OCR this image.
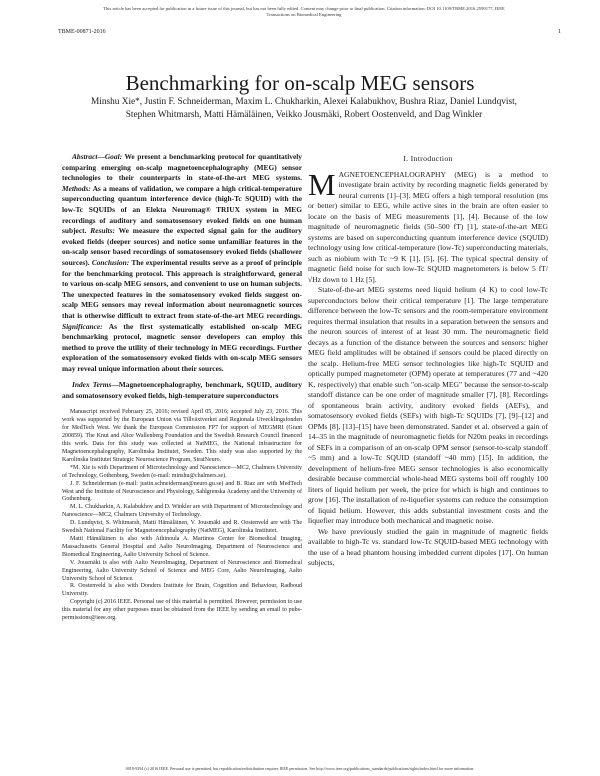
This article has been accepted for publication in a future issue of this journal, but has not been fully edited. Content may change prior to final publication. Citation information: DOI 10.1109/TBME.2016.2599177, IEEE
Transactions on Biomedical Engineering
TBME-00871-2016	1
Benchmarking for on-scalp MEG sensors
Minshu Xie*, Justin F. Schneiderman, Maxim L. Chukharkin, Alexei Kalabukhov, Bushra Riaz, Daniel Lundqvist,
Stephen Whitmarsh, Matti Hämäläinen, Veikko Jousmäki, Robert Oostenveld, and Dag Winkler

Abstract—Goal: We present a benchmarking protocol for quantitatively comparing emerging on-scalp magnetoencephalography (MEG) sensor technologies to their counterparts in state-of-the-art MEG systems. Methods: As a means of validation, we compare a high critical-temperature superconducting quantum interference device (high-Tc SQUID) with the low-Tc SQUIDs of an Elekta Neuromag® TRIUX system in MEG recordings of auditory and somatosensory evoked fields on one human subject. Results: We measure the expected signal gain for the auditory evoked fields (deeper sources) and notice some unfamiliar features in the on-scalp sensor based recordings of somatosensory evoked fields (shallower sources). Conclusion: The experimental results serve as a proof of principle for the benchmarking protocol. This approach is straightforward, general to various on-scalp MEG sensors, and convenient to use on human subjects. The unexpected features in the somatosensory evoked fields suggest on-scalp MEG sensors may reveal information about neuromagnetic sources that is otherwise difficult to extract from state-of-the-art MEG recordings. Significance: As the first systematically established on-scalp MEG benchmarking protocol, magnetic sensor developers can employ this method to prove the utility of their technology in MEG recordings. Further exploration of the somatosensory evoked fields with on-scalp MEG sensors may reveal unique information about their sources.

Index Terms—Magnetoencephalography, benchmark, SQUID, auditory and somatosensory evoked fields, high-temperature superconductors

Manuscript received February 25, 2016; revised April 05, 2016; accepted July 23, 2016. This work was supported by the European Union via Tillväxtverket and Regionala Utvecklingsfonden for MedTech West. We thank the European Commission FP7 for support of MEGMRI (Grant 200859). The Knut and Alice Wallenberg Foundation and the Swedish Research Council financed this work. Data for this study was collected at NatMEG, the National infrastructure for Magnetoencephalography, Karolinska Institutet, Sweden. This study was also supported by the Karolinska Institutet Strategic Neuroscience Program, StratNeuro.

*M. Xie is with Department of Microtechnology and Nanoscience—MC2, Chalmers University of Technology, Gothenburg, Sweden (e-mail: minshu@chalmers.se).

J. F. Schneiderman (e-mail: justin.schneiderman@neuro.gu.se) and B. Riaz are with MedTech West and the Institute of Neuroscience and Physiology, Sahlgrenska Academy and the University of Gothenburg.

M. L. Chukharkin, A. Kalabukhov and D. Winkler are with Department of Microtechnology and Nanoscience—MC2, Chalmers University of Technology.

D. Lundqvist, S. Whitmarsh, Matti Hämäläinen, V. Jousmäki and R. Oostenveld are with The Swedish National Facility for Magnetoencephalography (NatMEG), Karolinska Institutet.

Matti Hämäläinen is also with Athinoula A. Martinos Center for Biomedical Imaging, Massachusetts General Hospital and Aalto NeuroImaging, Department of Neuroscience and Biomedical Engineering, Aalto University School of Science.

V. Jousmäki is also with Aalto NeuroImaging, Department of Neuroscience and Biomedical Engineering, Aalto University School of Science and MEG Core, Aalto NeuroImaging, Aalto University School of Science.

R. Oostenveld is also with Donders Institute for Brain, Cognition and Behaviour, Radboud University.

Copyright (c) 2016 IEEE. Personal use of this material is permitted. However, permission to use this material for any other purposes must be obtained from the IEEE by sending an email to pubs-permissions@ieee.org.

I. Introduction

MAGNETOENCEPHALOGRAPHY (MEG) is a method to investigate brain activity by recording magnetic fields generated by neural currents [1]–[3]. MEG offers a high temporal resolution (ms or better) similar to EEG, while active sites in the brain are often easier to locate on the basis of MEG measurements [1], [4]. Because of the low magnitude of neuromagnetic fields (50–500 fT) [1], state-of-the-art MEG systems are based on superconducting quantum interference device (SQUID) technology using low critical-temperature (low-Tc) superconducting materials, such as niobium with Tc ~9 K [1], [5], [6]. The typical spectral density of magnetic field noise for such low-Tc SQUID magnetometers is below 5 fT/√Hz down to 1 Hz [5].

State-of-the-art MEG systems need liquid helium (4 K) to cool low-Tc superconductors below their critical temperature [1]. The large temperature difference between the low-Tc sensors and the room-temperature environment requires thermal insulation that results in a separation between the sensors and the neuron sources of interest of at least 30 mm. The neuromagnetic field decays as a function of the distance between the sources and sensors: higher MEG field amplitudes will be obtained if sensors could be placed directly on the scalp. Helium-free MEG sensor technologies like high-Tc SQUID and optically pumped magnetometer (OPM) operate at temperatures (77 and ~420 K, respectively) that enable such "on-scalp MEG" because the sensor-to-scalp standoff distance can be one order of magnitude smaller [7], [8]. Recordings of spontaneous brain activity, auditory evoked fields (AEFs), and somatosensory evoked fields (SEFs) with high-Tc SQUIDs [7], [9]–[12] and OPMs [8], [13]–[15] have been demonstrated. Sander et al. observed a gain of 14–35 in the magnitude of neuromagnetic fields for N20m peaks in recordings of SEFs in a comparison of an on-scalp OPM sensor (sensor-to-scalp standoff ~5 mm) and a low-Tc SQUID (standoff ~40 mm) [15]. In addition, the development of helium-free MEG sensor technologies is also economically desirable because commercial whole-head MEG systems boil off roughly 100 liters of liquid helium per week, the price for which is high and continues to grow [16]. The installation of re-liquefier systems can reduce the consumption of liquid helium. However, this adds substantial investment costs and the liquefier may introduce both mechanical and magnetic noise.

We have previously studied the gain in magnitude of magnetic fields available to high-Tc vs. standard low-Tc SQUID-based MEG technology with the use of a head phantom housing imbedded current dipoles [17]. On human subjects,

0018-9294 (c) 2016 IEEE. Personal use is permitted, but republication/redistribution requires IEEE permission. See http://www.ieee.org/publications_standards/publications/rights/index.html for more information.
